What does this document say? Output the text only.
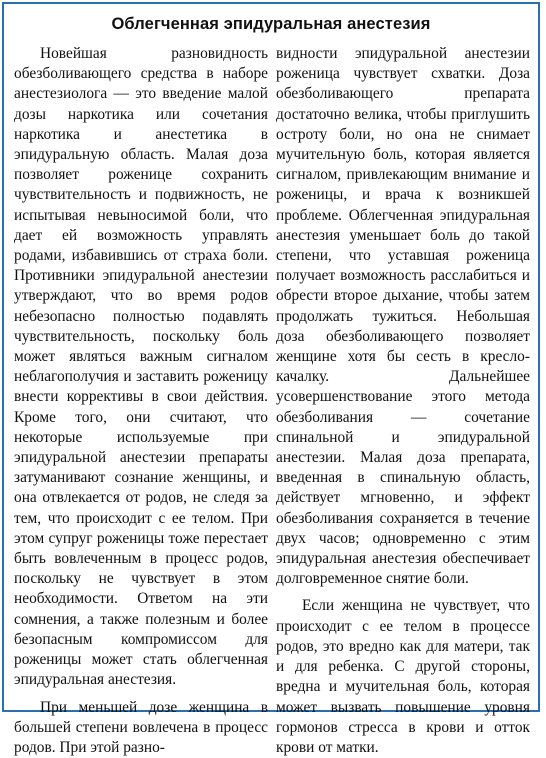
Облегченная эпидуральная анестезия

Новейшая разновидность обезболивающего средства в наборе анестезиолога — это введение малой дозы наркотика или сочетания наркотика и анестетика в эпидуральную область. Малая доза позволяет роженице сохранить чувствительность и подвижность, не испытывая невыносимой боли, что дает ей возможность управлять родами, избавившись от страха боли. Противники эпидуральной анестезии утверждают, что во время родов небезопасно полностью подавлять чувствительность, поскольку боль может являться важным сигналом неблагополучия и заставить роженицу внести коррективы в свои действия. Кроме того, они считают, что некоторые используемые при эпидуральной анестезии препараты затуманивают сознание женщины, и она отвлекается от родов, не следя за тем, что происходит с ее телом. При этом супруг роженицы тоже перестает быть вовлеченным в процесс родов, поскольку не чувствует в этом необходимости. Ответом на эти сомнения, а также полезным и более безопасным компромиссом для роженицы может стать облегченная эпидуральная анестезия.

При меньшей дозе женщина в большей степени вовлечена в процесс родов. При этой разно-

видности эпидуральной анестезии роженица чувствует схватки. Доза обезболивающего препарата достаточно велика, чтобы приглушить остроту боли, но она не снимает мучительную боль, которая является сигналом, привлекающим внимание и роженицы, и врача к возникшей проблеме. Облегченная эпидуральная анестезия уменьшает боль до такой степени, что уставшая роженица получает возможность расслабиться и обрести второе дыхание, чтобы затем продолжать тужиться. Небольшая доза обезболивающего позволяет женщине хотя бы сесть в кресло-качалку. Дальнейшее усовершенствование этого метода обезболивания — сочетание спинальной и эпидуральной анестезии. Малая доза препарата, введенная в спинальную область, действует мгновенно, и эффект обезболивания сохраняется в течение двух часов; одновременно с этим эпидуральная анестезия обеспечивает долговременное снятие боли.

Если женщина не чувствует, что происходит с ее телом в процессе родов, это вредно как для матери, так и для ребенка. С другой стороны, вредна и мучительная боль, которая может вызвать повышение уровня гормонов стресса в крови и отток крови от матки.
